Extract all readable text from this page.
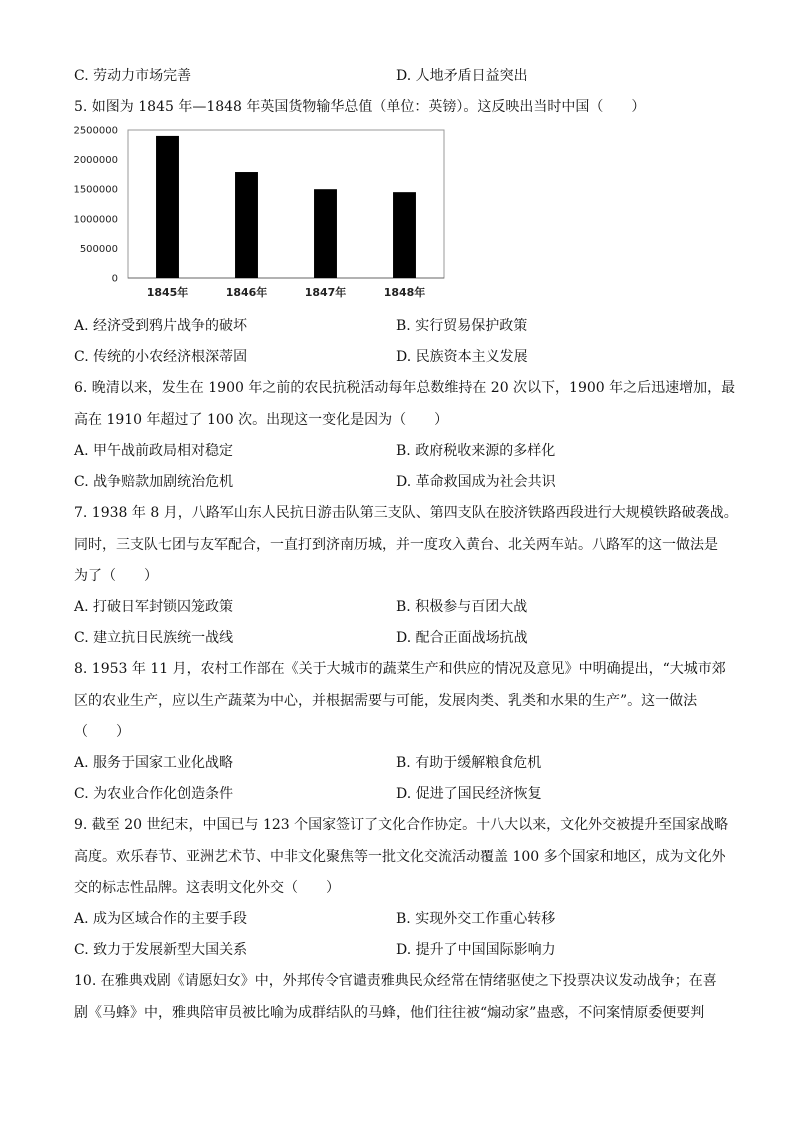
C. 劳动力市场完善	D. 人地矛盾日益突出
5. 如图为 1845 年—1848 年英国货物输华总值（单位：英镑）。这反映出当时中国（　　）
0
500000
1000000
1500000
2000000
2500000
1845年	1846年	1847年	1848年
A. 经济受到鸦片战争的破坏	B. 实行贸易保护政策
C. 传统的小农经济根深蒂固	D. 民族资本主义发展
6. 晚清以来，发生在 1900 年之前的农民抗税活动每年总数维持在 20 次以下，1900 年之后迅速增加，最
高在 1910 年超过了 100 次。出现这一变化是因为（　　）
A. 甲午战前政局相对稳定	B. 政府税收来源的多样化
C. 战争赔款加剧统治危机	D. 革命救国成为社会共识
7. 1938 年 8 月，八路军山东人民抗日游击队第三支队、第四支队在胶济铁路西段进行大规模铁路破袭战。
同时，三支队七团与友军配合，一直打到济南历城，并一度攻入黄台、北关两车站。八路军的这一做法是
为了（　　）
A. 打破日军封锁囚笼政策	B. 积极参与百团大战
C. 建立抗日民族统一战线	D. 配合正面战场抗战
8. 1953 年 11 月，农村工作部在《关于大城市的蔬菜生产和供应的情况及意见》中明确提出，“大城市郊
区的农业生产，应以生产蔬菜为中心，并根据需要与可能，发展肉类、乳类和水果的生产”。这一做法
（　　）
A. 服务于国家工业化战略	B. 有助于缓解粮食危机
C. 为农业合作化创造条件	D. 促进了国民经济恢复
9. 截至 20 世纪末，中国已与 123 个国家签订了文化合作协定。十八大以来，文化外交被提升至国家战略
高度。欢乐春节、亚洲艺术节、中非文化聚焦等一批文化交流活动覆盖 100 多个国家和地区，成为文化外
交的标志性品牌。这表明文化外交（　　）
A. 成为区域合作的主要手段	B. 实现外交工作重心转移
C. 致力于发展新型大国关系	D. 提升了中国国际影响力
10. 在雅典戏剧《请愿妇女》中，外邦传令官谴责雅典民众经常在情绪驱使之下投票决议发动战争；在喜
剧《马蜂》中，雅典陪审员被比喻为成群结队的马蜂，他们往往被“煽动家”蛊惑，不问案情原委便要判
